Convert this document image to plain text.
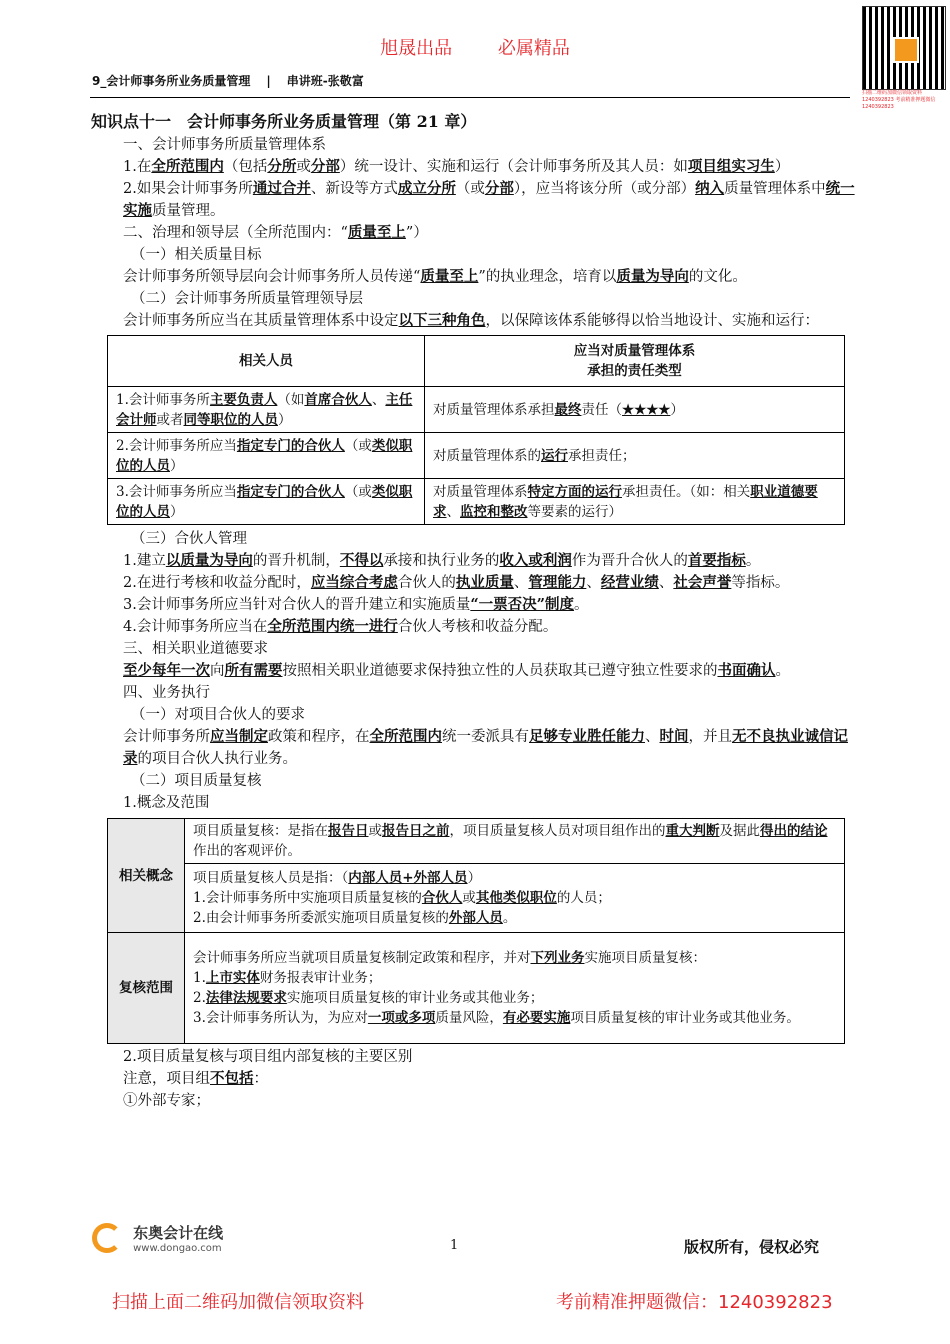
旭晟出品	必属精品
扫描二维码加微信领取资料 1240392823 考前精准押题微信 1240392823
9_会计师事务所业务质量管理 | 串讲班-张敬富
知识点十一　会计师事务所业务质量管理（第 21 章）
一、会计师事务所质量管理体系
1.在全所范围内（包括分所或分部）统一设计、实施和运行（会计师事务所及其人员：如项目组实习生）
2.如果会计师事务所通过合并、新设等方式成立分所（或分部），应当将该分所（或分部）纳入质量管理体系中统一实施质量管理。
二、治理和领导层（全所范围内：“质量至上”）
（一）相关质量目标
会计师事务所领导层向会计师事务所人员传递“质量至上”的执业理念，培育以质量为导向的文化。
（二）会计师事务所质量管理领导层
会计师事务所应当在其质量管理体系中设定以下三种角色，以保障该体系能够得以恰当地设计、实施和运行：
相关人员	应当对质量管理体系
承担的责任类型

1.会计师事务所主要负责人（如首席合伙人、主任会计师或者同等职位的人员）	对质量管理体系承担最终责任（★★★★）
2.会计师事务所应当指定专门的合伙人（或类似职位的人员）	对质量管理体系的运行承担责任；
3.会计师事务所应当指定专门的合伙人（或类似职位的人员）	对质量管理体系特定方面的运行承担责任。（如：相关职业道德要求、监控和整改等要素的运行）
（三）合伙人管理
1.建立以质量为导向的晋升机制，不得以承接和执行业务的收入或利润作为晋升合伙人的首要指标。
2.在进行考核和收益分配时，应当综合考虑合伙人的执业质量、管理能力、经营业绩、社会声誉等指标。
3.会计师事务所应当针对合伙人的晋升建立和实施质量“一票否决”制度。
4.会计师事务所应当在全所范围内统一进行合伙人考核和收益分配。
三、相关职业道德要求
至少每年一次向所有需要按照相关职业道德要求保持独立性的人员获取其已遵守独立性要求的书面确认。
四、业务执行
（一）对项目合伙人的要求
会计师事务所应当制定政策和程序，在全所范围内统一委派具有足够专业胜任能力、时间，并且无不良执业诚信记录的项目合伙人执行业务。
（二）项目质量复核
1.概念及范围
相关概念	项目质量复核：是指在报告日或报告日之前，项目质量复核人员对项目组作出的重大判断及据此得出的结论作出的客观评价。

	项目质量复核人员是指：（内部人员+外部人员）
1.会计师事务所中实施项目质量复核的合伙人或其他类似职位的人员；
2.由会计师事务所委派实施项目质量复核的外部人员。

复核范围	会计师事务所应当就项目质量复核制定政策和程序，并对下列业务实施项目质量复核：
1.上市实体财务报表审计业务；
2.法律法规要求实施项目质量复核的审计业务或其他业务；
3.会计师事务所认为，为应对一项或多项质量风险，有必要实施项目质量复核的审计业务或其他业务。
2.项目质量复核与项目组内部复核的主要区别
注意，项目组不包括：
①外部专家；

东奥会计在线
www.dongao.com	1	版权所有，侵权必究
扫描上面二维码加微信领取资料	考前精准押题微信：1240392823
